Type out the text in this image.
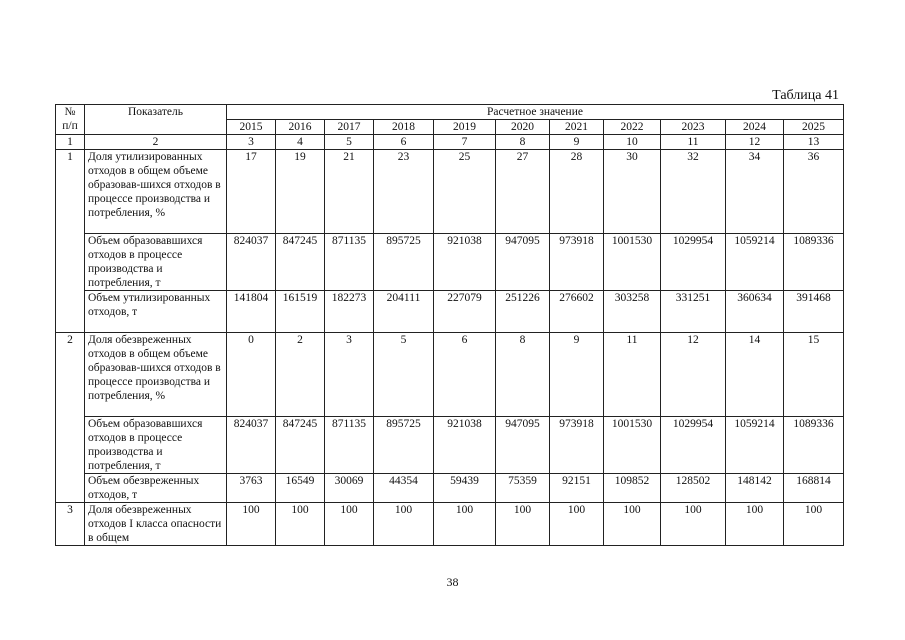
Таблица 41
№ п/п	Показатель	Расчетное значение										
		2015	2016	2017	2018	2019	2020	2021	2022	2023	2024	2025
1	2	3	4	5	6	7	8	9	10	11	12	13
1	Доля утилизированных отходов в общем объеме образовав-шихся отходов в процессе производства и потребления, %	17	19	21	23	25	27	28	30	32	34	36
	Объем образовавшихся отходов в процессе производства и потребления, т	824037	847245	871135	895725	921038	947095	973918	1001530	1029954	1059214	1089336
	Объем утилизированных отходов, т	141804	161519	182273	204111	227079	251226	276602	303258	331251	360634	391468
2	Доля обезвреженных отходов в общем объеме образовав-шихся отходов в процессе производства и потребления, %	0	2	3	5	6	8	9	11	12	14	15
	Объем образовавшихся отходов в процессе производства и потребления, т	824037	847245	871135	895725	921038	947095	973918	1001530	1029954	1059214	1089336
	Объем обезвреженных отходов, т	3763	16549	30069	44354	59439	75359	92151	109852	128502	148142	168814
3	Доля обезвреженных отходов I класса опасности в общем	100	100	100	100	100	100	100	100	100	100	100
38
